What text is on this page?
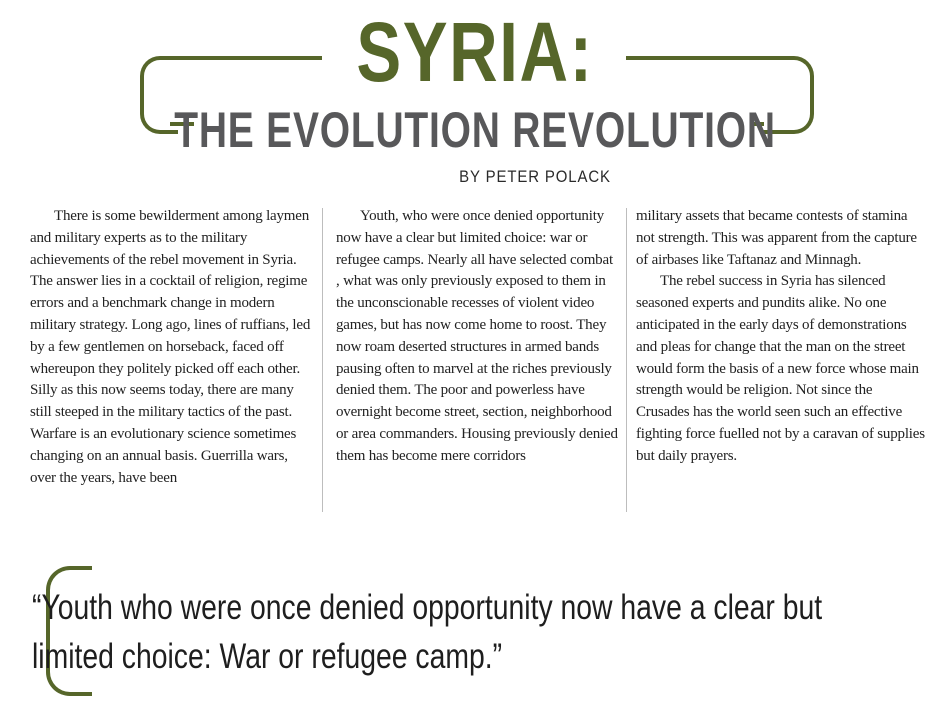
SYRIA:
THE EVOLUTION REVOLUTION
BY PETER POLACK

There is some bewilderment among laymen and military experts as to the military achievements of the rebel movement in Syria. The answer lies in a cocktail of religion, regime errors and a benchmark change in modern military strategy. Long ago, lines of ruffians, led by a few gentlemen on horseback, faced off whereupon they politely picked off each other. Silly as this now seems today, there are many still steeped in the military tactics of the past. Warfare is an evolutionary science sometimes changing on an annual basis. Guerrilla wars, over the years, have been

Youth, who were once denied opportunity now have a clear but limited choice: war or refugee camps. Nearly all have selected combat , what was only previously exposed to them in the unconscionable recesses of violent video games, but has now come home to roost. They now roam deserted structures in armed bands pausing often to marvel at the riches previously denied them. The poor and powerless have overnight become street, section, neighborhood or area commanders. Housing previously denied them has become mere corridors

military assets that became contests of stamina not strength. This was apparent from the capture of airbases like Taftanaz and Minnagh.

The rebel success in Syria has silenced seasoned experts and pundits alike. No one anticipated in the early days of demonstrations and pleas for change that the man on the street would form the basis of a new force whose main strength would be religion. Not since the Crusades has the world seen such an effective fighting force fuelled not by a caravan of supplies but daily prayers.

“Youth who were once denied opportunity now have a clear but limited choice: War or refugee camp.”
